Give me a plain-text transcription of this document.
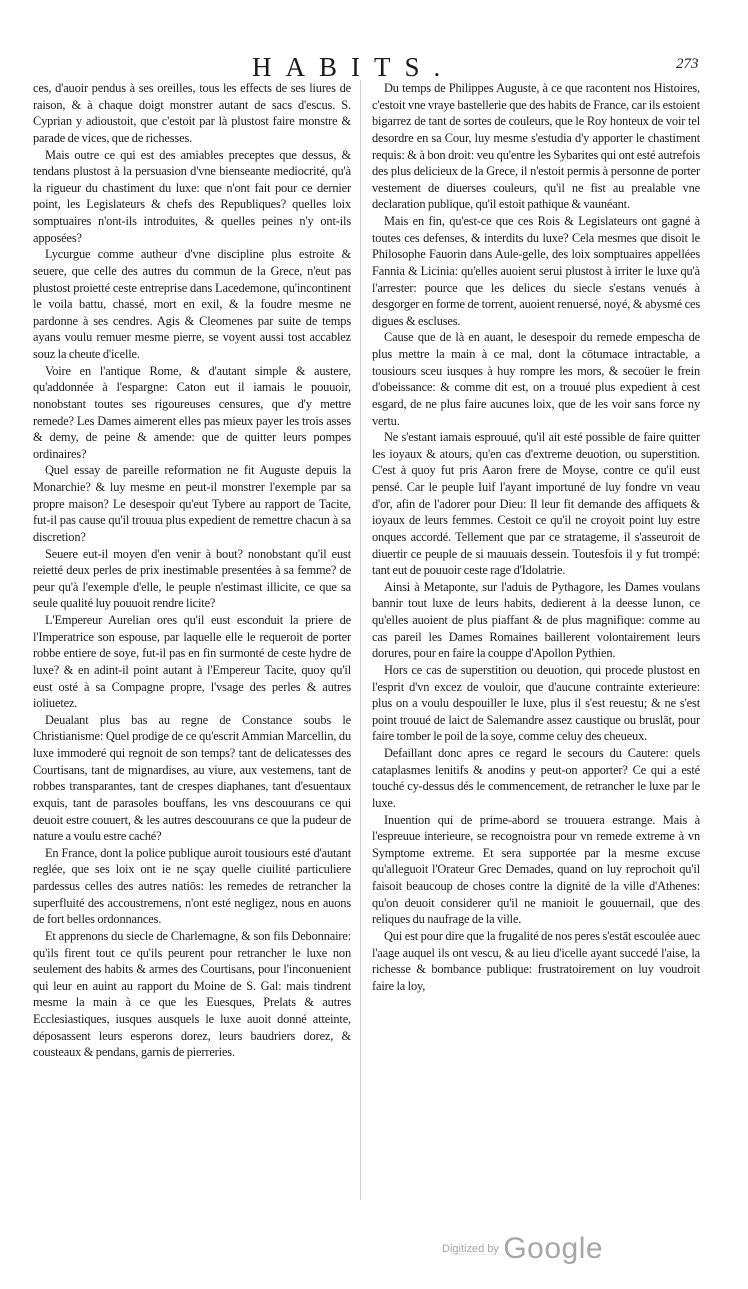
HABITS.	273

ces, d'auoir pendus à ses oreilles, tous les effects de ses liures de raison, & à chaque doigt monstrer autant de sacs d'escus. S. Cyprian y adioustoit, que c'estoit par là plustost faire monstre & parade de vices, que de richesses.

Mais outre ce qui est des amiables preceptes que dessus, & tendans plustost à la persuasion d'vne bienseante mediocrité, qu'à la rigueur du chastiment du luxe: que n'ont fait pour ce dernier point, les Legislateurs & chefs des Republiques? quelles loix somptuaires n'ont-ils introduites, & quelles peines n'y ont-ils apposées?

Lycurgue comme autheur d'vne discipline plus estroite & seuere, que celle des autres du commun de la Grece, n'eut pas plustost proietté ceste entreprise dans Lacedemone, qu'incontinent le voila battu, chassé, mort en exil, & la foudre mesme ne pardonne à ses cendres. Agis & Cleomenes par suite de temps ayans voulu remuer mesme pierre, se voyent aussi tost accablez souz la cheute d'icelle.

Voire en l'antique Rome, & d'autant simple & austere, qu'addonnée à l'espargne: Caton eut il iamais le pouuoir, nonobstant toutes ses rigoureuses censures, que d'y mettre remede? Les Dames aimerent elles pas mieux payer les trois asses & demy, de peine & amende: que de quitter leurs pompes ordinaires?

Quel essay de pareille reformation ne fit Auguste depuis la Monarchie? & luy mesme en peut-il monstrer l'exemple par sa propre maison? Le desespoir qu'eut Tybere au rapport de Tacite, fut-il pas cause qu'il trouua plus expedient de remettre chacun à sa discretion?

Seuere eut-il moyen d'en venir à bout? nonobstant qu'il eust reietté deux perles de prix inestimable presentées à sa femme? de peur qu'à l'exemple d'elle, le peuple n'estimast illicite, ce que sa seule qualité luy pouuoit rendre licite?

L'Empereur Aurelian ores qu'il eust esconduit la priere de l'Imperatrice son espouse, par laquelle elle le requeroit de porter robbe entiere de soye, fut-il pas en fin surmonté de ceste hydre de luxe? & en adint-il point autant à l'Empereur Tacite, quoy qu'il eust osté à sa Compagne propre, l'vsage des perles & autres ioliuetez.

Deualant plus bas au regne de Constance soubs le Christianisme: Quel prodige de ce qu'escrit Ammian Marcellin, du luxe immoderé qui regnoit de son temps? tant de delicatesses des Courtisans, tant de mignardises, au viure, aux vestemens, tant de robbes transparantes, tant de crespes diaphanes, tant d'esuentaux exquis, tant de parasoles bouffans, les vns descouurans ce qui deuoit estre couuert, & les autres descouurans ce que la pudeur de nature a voulu estre caché?

En France, dont la police publique auroit tousiours esté d'autant reglée, que ses loix ont ie ne sçay quelle ciuilité particuliere pardessus celles des autres natiōs: les remedes de retrancher la superfluité des accoustremens, n'ont esté negligez, nous en auons de fort belles ordonnances.

Et apprenons du siecle de Charlemagne, & son fils Debonnaire: qu'ils firent tout ce qu'ils peurent pour retrancher le luxe non seulement des habits & armes des Courtisans, pour l'inconuenient qui leur en auint au rapport du Moine de S. Gal: mais tindrent mesme la main à ce que les Euesques, Prelats & autres Ecclesiastiques, iusques ausquels le luxe auoit donné atteinte, déposassent leurs esperons dorez, leurs baudriers dorez, & cousteaux & pendans, garnis de pierreries.

Du temps de Philippes Auguste, à ce que racontent nos Histoires, c'estoit vne vraye bastellerie que des habits de France, car ils estoient bigarrez de tant de sortes de couleurs, que le Roy honteux de voir tel desordre en sa Cour, luy mesme s'estudia d'y apporter le chastiment requis: & à bon droit: veu qu'entre les Sybarites qui ont esté autrefois des plus delicieux de la Grece, il n'estoit permis à personne de porter vestement de diuerses couleurs, qu'il ne fist au prealable vne declaration publique, qu'il estoit pathique & vaunéant.

Mais en fin, qu'est-ce que ces Rois & Legislateurs ont gagné à toutes ces defenses, & interdits du luxe? Cela mesmes que disoit le Philosophe Fauorin dans Aule-gelle, des loix somptuaires appellées Fannia & Licinia: qu'elles auoient serui plustost à irriter le luxe qu'à l'arrester: pource que les delices du siecle s'estans venués à desgorger en forme de torrent, auoient renuersé, noyé, & abysmé ces digues & escluses.

Cause que de là en auant, le desespoir du remede empescha de plus mettre la main à ce mal, dont la cōtumace intractable, a tousiours sceu iusques à huy rompre les mors, & secoüer le frein d'obeissance: & comme dit est, on a trouué plus expedient à cest esgard, de ne plus faire aucunes loix, que de les voir sans force ny vertu.

Ne s'estant iamais esprouué, qu'il ait esté possible de faire quitter les ioyaux & atours, qu'en cas d'extreme deuotion, ou superstition. C'est à quoy fut pris Aaron frere de Moyse, contre ce qu'il eust pensé. Car le peuple Iuif l'ayant importuné de luy fondre vn veau d'or, afin de l'adorer pour Dieu: Il leur fit demande des affiquets & ioyaux de leurs femmes. Cestoit ce qu'il ne croyoit point luy estre onques accordé. Tellement que par ce stratageme, il s'asseuroit de diuertir ce peuple de si mauuais dessein. Toutesfois il y fut trompé: tant eut de pouuoir ceste rage d'Idolatrie.

Ainsi à Metaponte, sur l'aduis de Pythagore, les Dames voulans bannir tout luxe de leurs habits, dedierent à la deesse Iunon, ce qu'elles auoient de plus piaffant & de plus magnifique: comme au cas pareil les Dames Romaines baillerent volontairement leurs dorures, pour en faire la couppe d'Apollon Pythien.

Hors ce cas de superstition ou deuotion, qui procede plustost en l'esprit d'vn excez de vouloir, que d'aucune contrainte exterieure: plus on a voulu despouiller le luxe, plus il s'est reuestu; & ne s'est point trouué de laict de Salemandre assez caustique ou bruslāt, pour faire tomber le poil de la soye, comme celuy des cheueux.

Defaillant donc apres ce regard le secours du Cautere: quels cataplasmes lenitifs & anodins y peut-on apporter? Ce qui a esté touché cy-dessus dés le commencement, de retrancher le luxe par le luxe.

Inuention qui de prime-abord se trouuera estrange. Mais à l'espreuue interieure, se recognoistra pour vn remede extreme à vn Symptome extreme. Et sera supportée par la mesme excuse qu'alleguoit l'Orateur Grec Demades, quand on luy reprochoit qu'il faisoit beaucoup de choses contre la dignité de la ville d'Athenes: qu'on deuoit considerer qu'il ne manioit le gouuernail, que des reliques du naufrage de la ville.

Qui est pour dire que la frugalité de nos peres s'estāt escoulée auec l'aage auquel ils ont vescu, & au lieu d'icelle ayant succedé l'aise, la richesse & bombance publique: frustratoirement on luy voudroit faire la loy,

Digitized by Google
